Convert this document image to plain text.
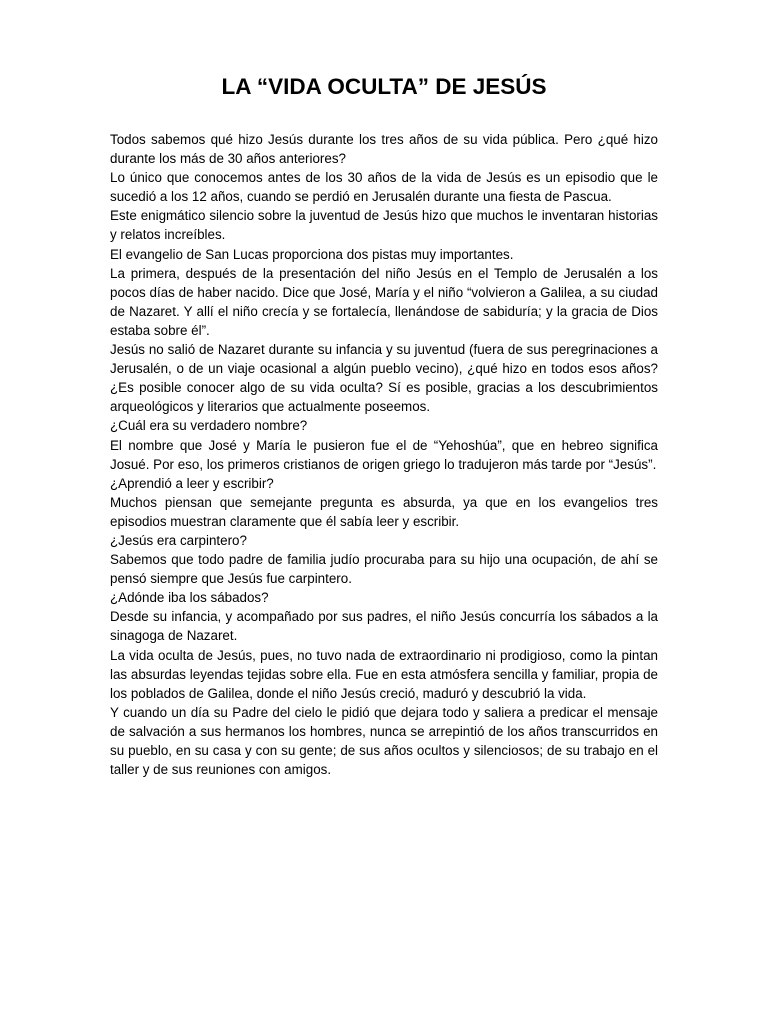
LA “VIDA OCULTA” DE JESÚS

Todos sabemos qué hizo Jesús durante los tres años de su vida pública. Pero ¿qué hizo durante los más de 30 años anteriores?

Lo único que conocemos antes de los 30 años de la vida de Jesús es un episodio que le sucedió a los 12 años, cuando se perdió en Jerusalén durante una fiesta de Pascua.

Este enigmático silencio sobre la juventud de Jesús hizo que muchos le inventaran historias y relatos increíbles.

El evangelio de San Lucas proporciona dos pistas muy importantes.

La primera, después de la presentación del niño Jesús en el Templo de Jerusalén a los pocos días de haber nacido. Dice que José, María y el niño “volvieron a Galilea, a su ciudad de Nazaret. Y allí el niño crecía y se fortalecía, llenándose de sabiduría; y la gracia de Dios estaba sobre él”.

Jesús no salió de Nazaret durante su infancia y su juventud (fuera de sus peregrinaciones a Jerusalén, o de un viaje ocasional a algún pueblo vecino), ¿qué hizo en todos esos años? ¿Es posible conocer algo de su vida oculta? Sí es posible, gracias a los descubrimientos arqueológicos y literarios que actualmente poseemos.

¿Cuál era su verdadero nombre?

El nombre que José y María le pusieron fue el de “Yehoshúa”, que en hebreo significa Josué. Por eso, los primeros cristianos de origen griego lo tradujeron más tarde por “Jesús”.

¿Aprendió a leer y escribir?

Muchos piensan que semejante pregunta es absurda, ya que en los evangelios tres episodios muestran claramente que él sabía leer y escribir.

¿Jesús era carpintero?

Sabemos que todo padre de familia judío procuraba para su hijo una ocupación, de ahí se pensó siempre que Jesús fue carpintero.

¿Adónde iba los sábados?

Desde su infancia, y acompañado por sus padres, el niño Jesús concurría los sábados a la sinagoga de Nazaret.

La vida oculta de Jesús, pues, no tuvo nada de extraordinario ni prodigioso, como la pintan las absurdas leyendas tejidas sobre ella. Fue en esta atmósfera sencilla y familiar, propia de los poblados de Galilea, donde el niño Jesús creció, maduró y descubrió la vida.

Y cuando un día su Padre del cielo le pidió que dejara todo y saliera a predicar el mensaje de salvación a sus hermanos los hombres, nunca se arrepintió de los años transcurridos en su pueblo, en su casa y con su gente; de sus años ocultos y silenciosos; de su trabajo en el taller y de sus reuniones con amigos.
